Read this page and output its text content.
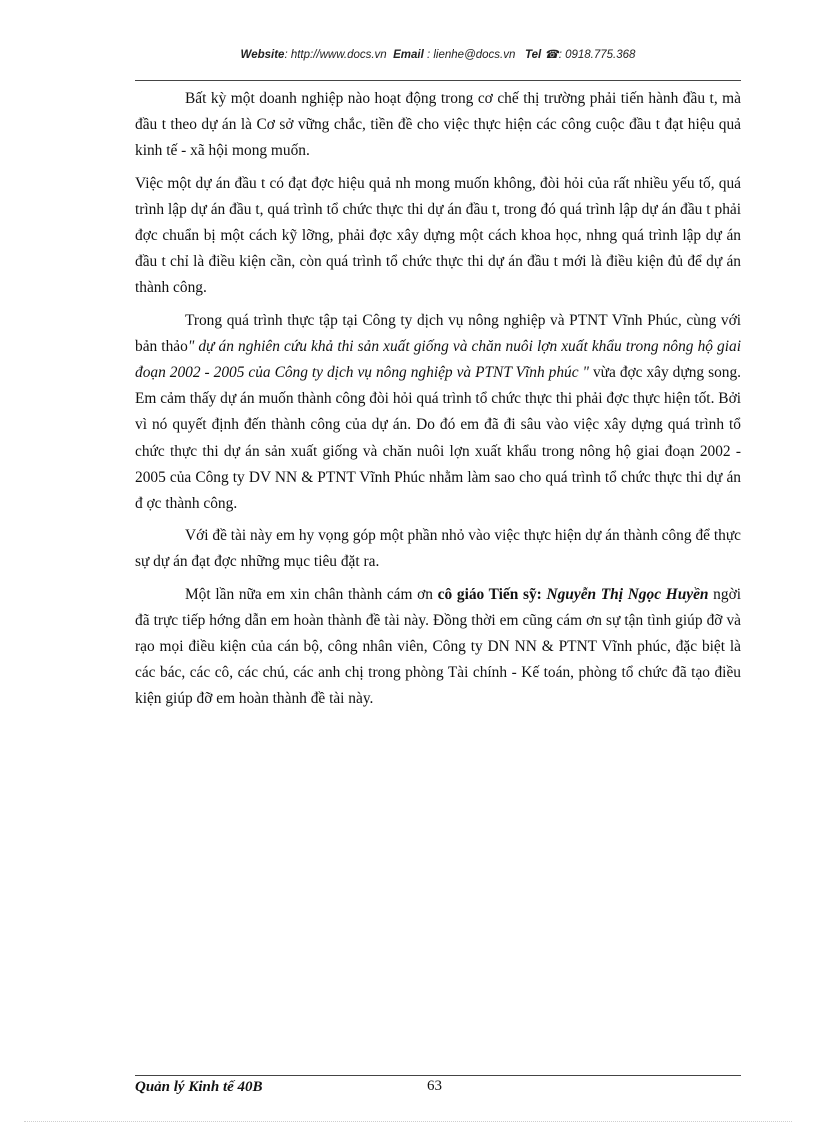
Website: http://www.docs.vn Email : lienhe@docs.vn Tel ☎: 0918.775.368

Bất kỳ một doanh nghiệp nào hoạt động trong cơ chế thị trường phải tiến hành đầu t, mà đầu t theo dự án là Cơ sở vững chắc, tiền đề cho việc thực hiện các công cuộc đầu t đạt hiệu quả kinh tế - xã hội mong muốn.

Việc một dự án đầu t có đạt đợc hiệu quả nh mong muốn không, đòi hỏi của rất nhiều yếu tố, quá trình lập dự án đầu t, quá trình tổ chức thực thi dự án đầu t, trong đó quá trình lập dự án đầu t phải đợc chuẩn bị một cách kỹ lỡng, phải đợc xây dựng một cách khoa học, nhng quá trình lập dự án đầu t chỉ là điều kiện cần, còn quá trình tổ chức thực thi dự án đầu t mới là điều kiện đủ để dự án thành công.

Trong quá trình thực tập tại Công ty dịch vụ nông nghiệp và PTNT Vĩnh Phúc, cùng với bản thảo" dự án nghiên cứu khả thi sản xuất giống và chăn nuôi lợn xuất khẩu trong nông hộ giai đoạn 2002 - 2005 của Công ty dịch vụ nông nghiệp và PTNT Vĩnh phúc " vừa đợc xây dựng song. Em cảm thấy dự án muốn thành công đòi hỏi quá trình tổ chức thực thi phải đợc thực hiện tốt. Bởi vì nó quyết định đến thành công của dự án. Do đó em đã đi sâu vào việc xây dựng quá trình tổ chức thực thi dự án sản xuất giống và chăn nuôi lợn xuất khẩu trong nông hộ giai đoạn 2002 - 2005 của Công ty DV NN & PTNT Vĩnh Phúc nhằm làm sao cho quá trình tổ chức thực thi dự án đ ợc thành công.

Với đề tài này em hy vọng góp một phần nhỏ vào việc thực hiện dự án thành công để thực sự dự án đạt đợc những mục tiêu đặt ra.

Một lần nữa em xin chân thành cám ơn cô giáo Tiến sỹ: Nguyễn Thị Ngọc Huyền ngời đã trực tiếp hớng dẫn em hoàn thành đề tài này. Đồng thời em cũng cám ơn sự tận tình giúp đỡ và rạo mọi điều kiện của cán bộ, công nhân viên, Công ty DN NN & PTNT Vĩnh phúc, đặc biệt là các bác, các cô, các chú, các anh chị trong phòng Tài chính - Kế toán, phòng tổ chức đã tạo điều kiện giúp đỡ em hoàn thành đề tài này.

Quản lý Kinh tế 40B	63
